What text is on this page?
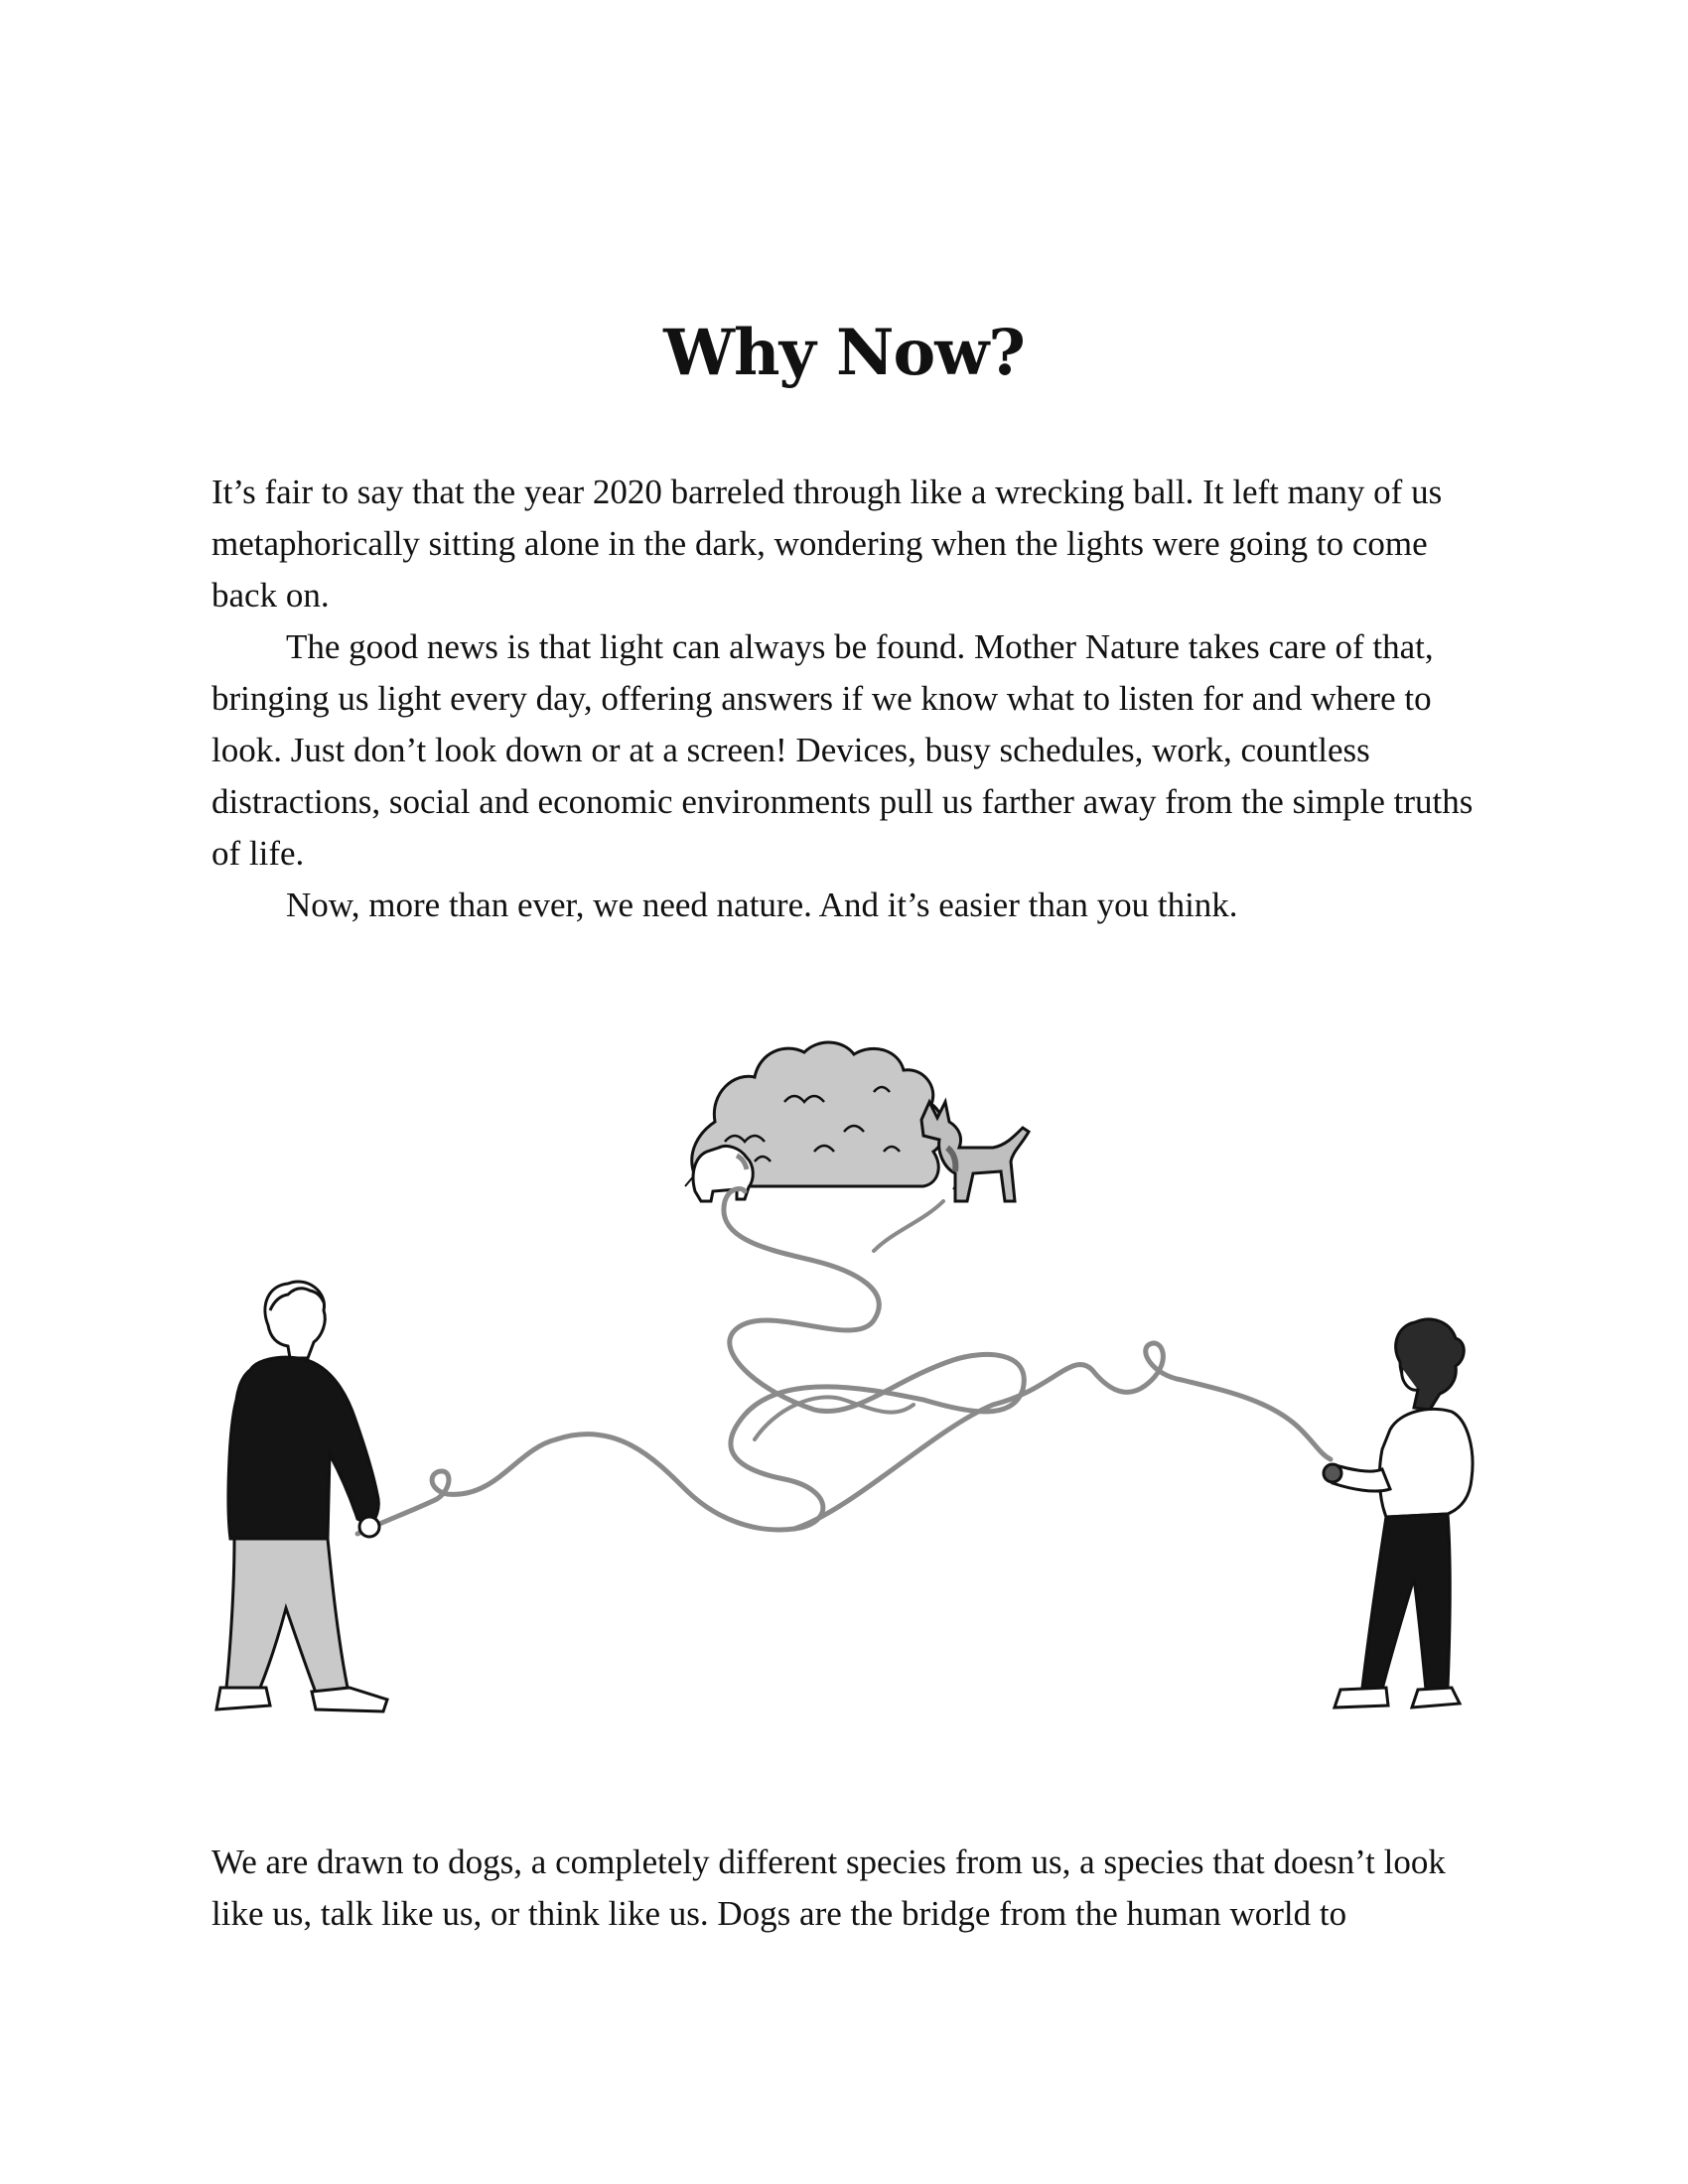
Why Now?

It’s fair to say that the year 2020 barreled through like a wrecking ball. It left many of us metaphorically sitting alone in the dark, wondering when the lights were going to come back on.

The good news is that light can always be found. Mother Nature takes care of that, bringing us light every day, offering answers if we know what to listen for and where to look. Just don’t look down or at a screen! Devices, busy schedules, work, countless distractions, social and economic environments pull us farther away from the simple truths of life.

Now, more than ever, we need nature. And it’s easier than you think.

We are drawn to dogs, a completely different species from us, a species that doesn’t look like us, talk like us, or think like us. Dogs are the bridge from the human world to
